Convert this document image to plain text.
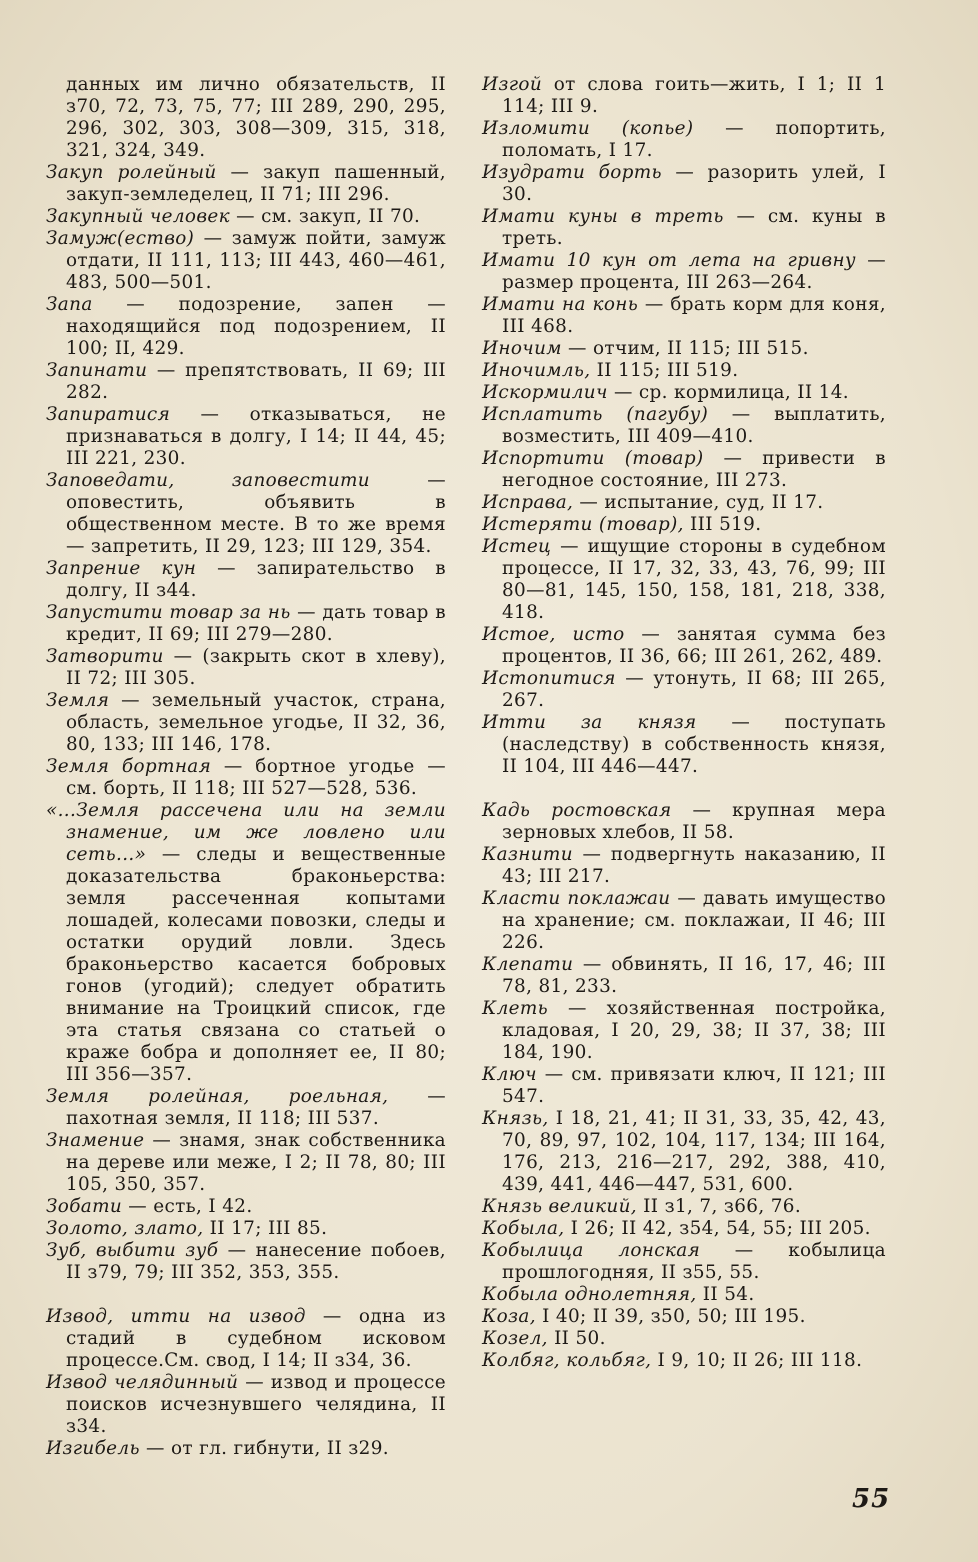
данных им лично обязательств, II з70, 72, 73, 75, 77; III 289, 290, 295, 296, 302, 303, 308—309, 315, 318, 321, 324, 349.

Закуп ролейный — закуп пашенный, закуп-земледелец, II 71; III 296.

Закупный человек — см. закуп, II 70.

Замуж(ество) — замуж пойти, замуж отдати, II 111, 113; III 443, 460—461, 483, 500—501.

Запа — подозрение, запен — находящийся под подозрением, II 100; II, 429.

Запинати — препятствовать, II 69; III 282.

Запиратися — отказываться, не признаваться в долгу, I 14; II 44, 45; III 221, 230.

Заповедати, заповестити — оповестить, объявить в общественном месте. В то же время — запретить, II 29, 123; III 129, 354.

Запрение кун — запирательство в долгу, II з44.

Запустити товар за нь — дать товар в кредит, II 69; III 279—280.

Затворити — (закрыть скот в хлеву), II 72; III 305.

Земля — земельный участок, страна, область, земельное угодье, II 32, 36, 80, 133; III 146, 178.

Земля бортная — бортное угодье — см. борть, II 118; III 527—528, 536.

«...Земля рассечена или на земли знамение, им же ловлено или сеть...» — следы и вещественные доказательства браконьерства: земля рассеченная копытами лошадей, колесами повозки, следы и остатки орудий ловли. Здесь браконьерство касается бобровых гонов (угодий); следует обратить внимание на Троицкий список, где эта статья связана со статьей о краже бобра и дополняет ее, II 80; III 356—357.

Земля ролейная, роельная, — пахотная земля, II 118; III 537.

Знамение — знамя, знак собственника на дереве или меже, I 2; II 78, 80; III 105, 350, 357.

Зобати — есть, I 42.

Золото, злато, II 17; III 85.

Зуб, выбити зуб — нанесение побоев, II з79, 79; III 352, 353, 355.

Извод, итти на извод — одна из стадий в судебном исковом процессе.См. свод, I 14; II з34, 36.

Извод челядинный — извод и процессе поисков исчезнувшего челядина, II з34.

Изгибель — от гл. гибнути, II з29.

Изгой от слова гоить—жить, I 1; II 1 114; III 9.

Изломити (копье) — попортить, поломать, I 17.

Изудрати борть — разорить улей, I 30.

Имати куны в треть — см. куны в треть.

Имати 10 кун от лета на гривну — размер процента, III 263—264.

Имати на конь — брать корм для коня, III 468.

Иночим — отчим, II 115; III 515.

Иночимль, II 115; III 519.

Искормилич — ср. кормилица, II 14.

Исплатить (пагубу) — выплатить, возместить, III 409—410.

Испортити (товар) — привести в негодное состояние, III 273.

Исправа, — испытание, суд, II 17.

Истеряти (товар), III 519.

Истец — ищущие стороны в судебном процессе, II 17, 32, 33, 43, 76, 99; III 80—81, 145, 150, 158, 181, 218, 338, 418.

Истое, исто — занятая сумма без процентов, II 36, 66; III 261, 262, 489.

Истопитися — утонуть, II 68; III 265, 267.

Итти за князя — поступать (наследству) в собственность князя, II 104, III 446—447.

Кадь ростовская — крупная мера зерновых хлебов, II 58.

Казнити — подвергнуть наказанию, II 43; III 217.

Класти поклажаи — давать имущество на хранение; см. поклажаи, II 46; III 226.

Клепати — обвинять, II 16, 17, 46; III 78, 81, 233.

Клеть — хозяйственная постройка, кладовая, I 20, 29, 38; II 37, 38; III 184, 190.

Ключ — см. привязати ключ, II 121; III 547.

Князь, I 18, 21, 41; II 31, 33, 35, 42, 43, 70, 89, 97, 102, 104, 117, 134; III 164, 176, 213, 216—217, 292, 388, 410, 439, 441, 446—447, 531, 600.

Князь великий, II з1, 7, з66, 76.

Кобыла, I 26; II 42, з54, 54, 55; III 205.

Кобылица лонская — кобылица прошлогодняя, II з55, 55.

Кобыла однолетняя, II 54.

Коза, I 40; II 39, з50, 50; III 195.

Козел, II 50.

Колбяг, кольбяг, I 9, 10; II 26; III 118.

55
